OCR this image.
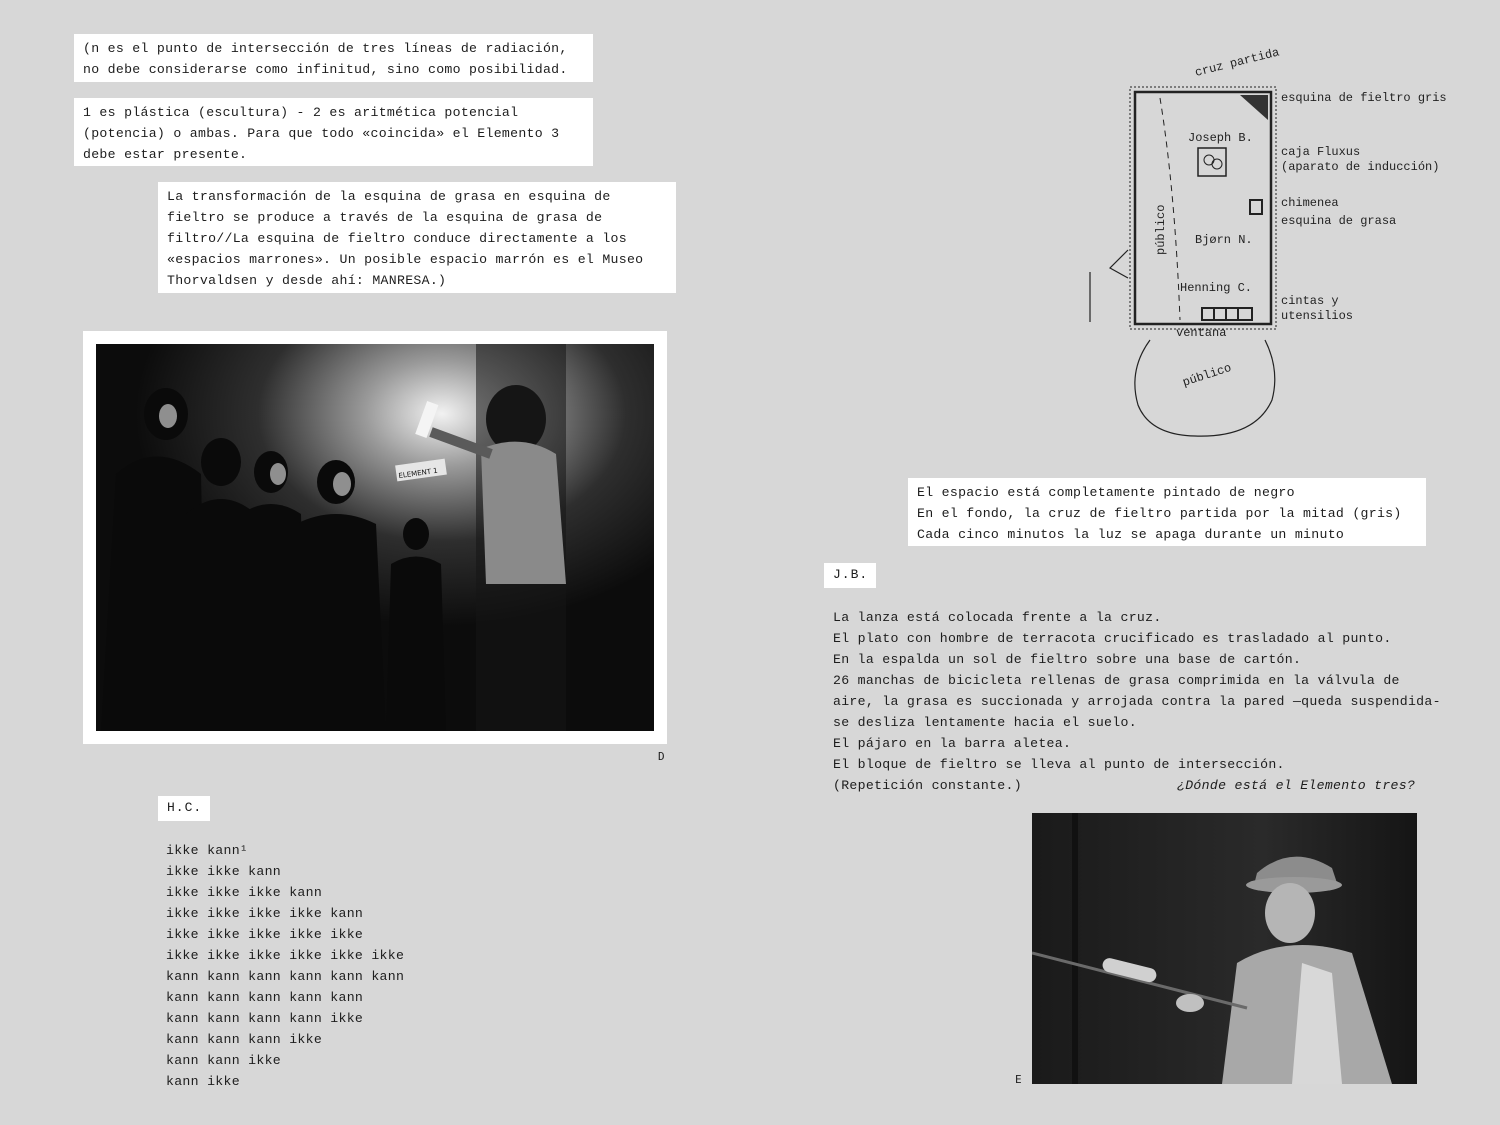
(n es el punto de intersección de tres líneas de radiación,
no debe considerarse como infinitud, sino como posibilidad.
1 es plástica (escultura) - 2 es aritmética potencial
(potencia) o ambas. Para que todo «coincida» el Elemento 3
debe estar presente.
La transformación de la esquina de grasa en esquina de
fieltro se produce a través de la esquina de grasa de
filtro//La esquina de fieltro conduce directamente a los
«espacios marrones». Un posible espacio marrón es el Museo
Thorvaldsen y desde ahí: MANRESA.)
ELEMENT 1
D
H.C.
ikke kann¹
ikke ikke kann
ikke ikke ikke kann
ikke ikke ikke ikke kann
ikke ikke ikke ikke ikke
ikke ikke ikke ikke ikke ikke
kann kann kann kann kann kann
kann kann kann kann kann
kann kann kann kann ikke
kann kann kann ikke
kann kann ikke
kann ikke
cruz partida
Joseph B.
Bjørn N.
Henning C.
público
ventana
público
esquina de fieltro gris
caja Fluxus
(aparato de inducción)
chimenea
esquina de grasa
cintas y
utensilios
El espacio está completamente pintado de negro
En el fondo, la cruz de fieltro partida por la mitad (gris)
Cada cinco minutos la luz se apaga durante un minuto
J.B.
La lanza está colocada frente a la cruz.
El plato con hombre de terracota crucificado es trasladado al punto.
En la espalda un sol de fieltro sobre una base de cartón.
26 manchas de bicicleta rellenas de grasa comprimida en la válvula de
aire, la grasa es succionada y arrojada contra la pared —queda suspendida-
se desliza lentamente hacia el suelo.
El pájaro en la barra aletea.
El bloque de fieltro se lleva al punto de intersección.
(Repetición constante.)	¿Dónde está el Elemento tres?
E
